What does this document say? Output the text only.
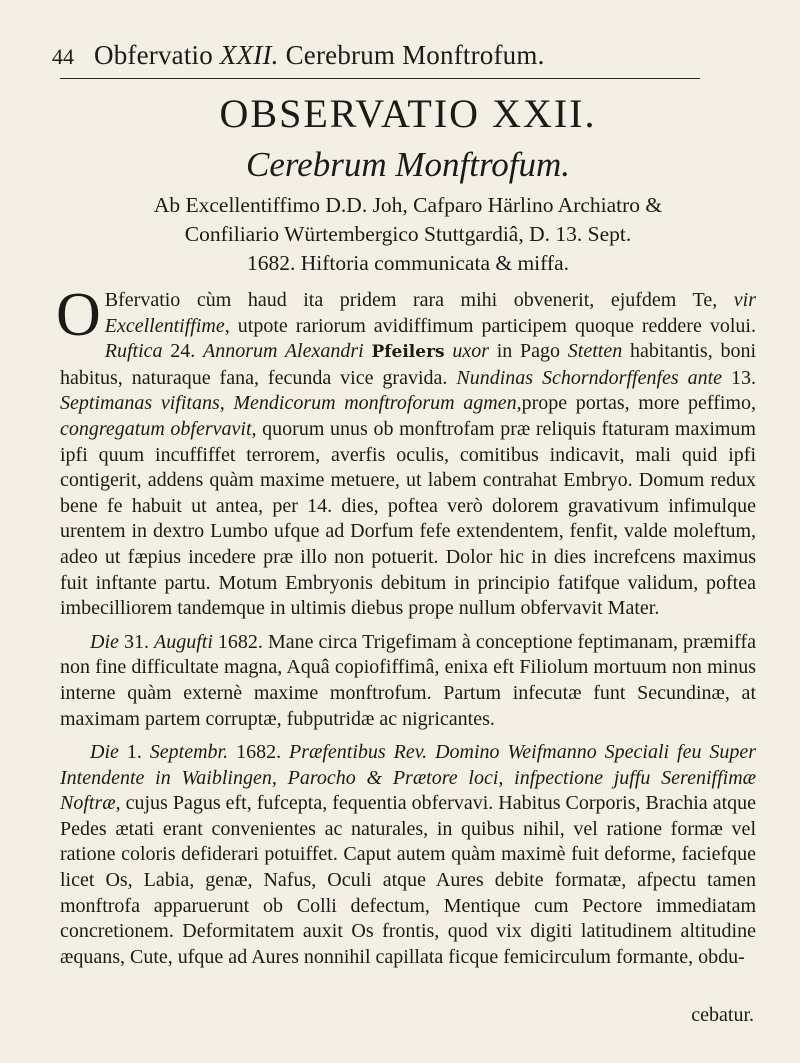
44 Obfervatio XXII. Cerebrum Monftrofum.
OBSERVATIO XXII.
Cerebrum Monftrofum.
Ab Excellentiffimo D.D. Joh, Cafparo Härlino Archiatro &
Confiliario Würtembergico Stuttgardiâ, D. 13. Sept.
1682. Hiftoria communicata & miffa.

O Bfervatio cùm haud ita pridem rara mihi obvenerit, ejufdem Te, vir Excellentiffime, utpote rariorum avidiffimum participem quoque reddere volui. Ruftica 24. Annorum Alexandri Pfeilers uxor in Pago Stetten habitantis, boni habitus, naturaque fana, fecunda vice gravida. Nundinas Schorndorffenfes ante 13. Septimanas vifitans, Mendicorum monftroforum agmen,prope portas, more peffimo, congregatum obfervavit, quorum unus ob monftrofam præ reliquis ftaturam maximum ipfi quum incuffiffet terrorem, averfis oculis, comitibus indicavit, mali quid ipfi contigerit, addens quàm maxime metuere, ut labem contrahat Embryo. Domum redux bene fe habuit ut antea, per 14. dies, poftea verò dolorem gravativum infimulque urentem in dextro Lumbo ufque ad Dorfum fefe extendentem, fenfit, valde moleftum, adeo ut fæpius incedere præ illo non potuerit. Dolor hic in dies increfcens maximus fuit inftante partu. Motum Embryonis debitum in principio fatifque validum, poftea imbecilliorem tandemque in ultimis diebus prope nullum obfervavit Mater.

Die 31. Augufti 1682. Mane circa Trigefimam à conceptione feptimanam, præmiffa non fine difficultate magna, Aquâ copiofiffimâ, enixa eft Filiolum mortuum non minus interne quàm externè maxime monftrofum. Partum infecutæ funt Secundinæ, at maximam partem corruptæ, fubputridæ ac nigricantes.

Die 1. Septembr. 1682. Præfentibus Rev. Domino Weifmanno Speciali feu Super Intendente in Waiblingen, Parocho & Prætore loci, infpectione juffu Sereniffimæ Noftræ, cujus Pagus eft, fufcepta, fequentia obfervavi. Habitus Corporis, Brachia atque Pedes ætati erant convenientes ac naturales, in quibus nihil, vel ratione formæ vel ratione coloris defiderari potuiffet. Caput autem quàm maximè fuit deforme, faciefque licet Os, Labia, genæ, Nafus, Oculi atque Aures debite formatæ, afpectu tamen monftrofa apparuerunt ob Colli defectum, Mentique cum Pectore immediatam concretionem. Deformitatem auxit Os frontis, quod vix digiti latitudinem altitudine æquans, Cute, ufque ad Aures nonnihil capillata ficque femicirculum formante, obdu-

cebatur.
